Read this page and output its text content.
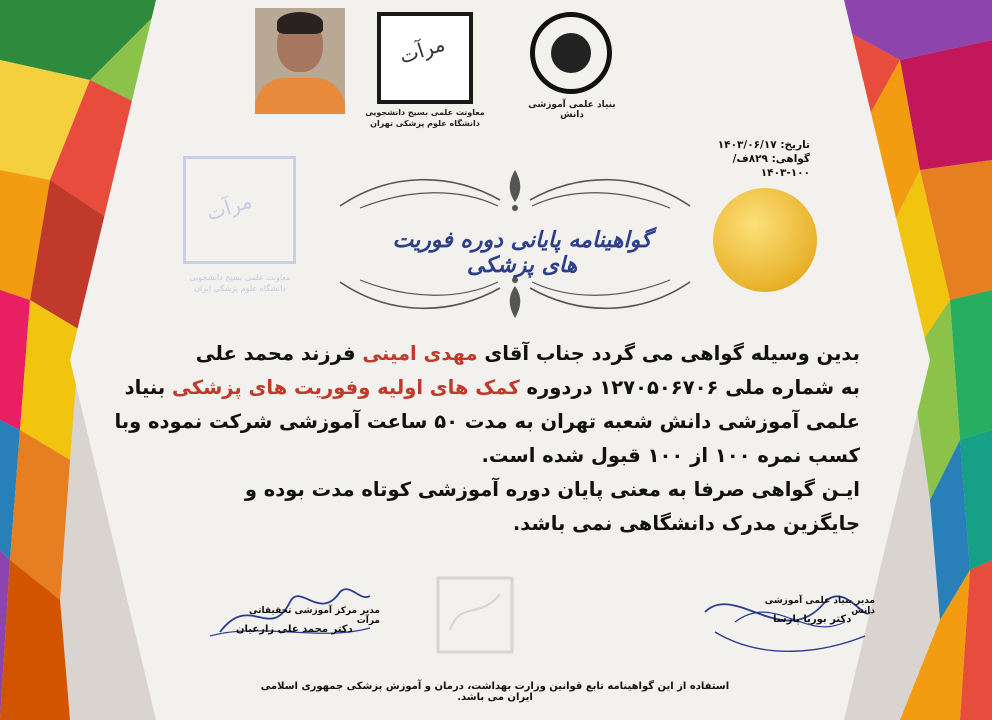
مرآت
معاونت علمی بسیج دانشجویی
دانشگاه علوم پزشکی تهران
بنیاد علمی آموزشی دانش
تاریخ: ۱۴۰۳/۰۶/۱۷
گواهی: ۸۲۹ف/۱۰۰-۱۴۰۳
مرآت
معاونت علمی بسیج دانشجویی
دانشگاه علوم پزشکی ایران
گواهینامه پایانی دوره فوریت های پزشکی

بدین وسیله گواهی می گردد جناب آقای مهدی امینی فرزند محمد علی

به شماره ملی ۱۲۷۰۵۰۶۷۰۶ دردوره کمک های اولیه وفوریت های پزشکی بنیاد

علمی آموزشی دانش شعبه تهران به مدت ۵۰ ساعت آموزشی شرکت نموده وبا

کسب نمره ۱۰۰ از ۱۰۰ قبول شده است.

ایـن گواهی صرفا به معنی پایان دوره آموزشی کوتاه مدت بوده و

جایگزین مدرک دانشگاهی نمی باشد.

مدیر مرکز آموزشی تحقیقاتی مرآت
دکتر محمد علی زارعیان
مدیر بنیاد علمی آموزشی دانش
دکتر بوریا پارسا
استفاده از این گواهینامه تابع قوانین وزارت بهداشت، درمان و آموزش پزشکی جمهوری اسلامی ایران می باشد.
